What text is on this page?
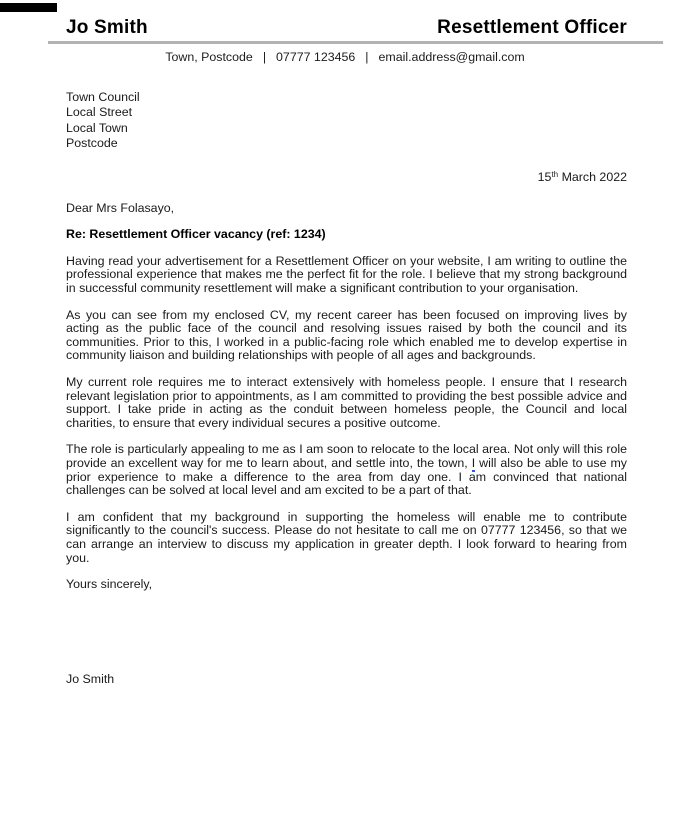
Jo Smith	Resettlement Officer
Town, Postcode | 07777 123456 | email.address@gmail.com
Town Council
Local Street
Local Town
Postcode
15th March 2022

Dear Mrs Folasayo,

Re: Resettlement Officer vacancy (ref: 1234)

Having read your advertisement for a Resettlement Officer on your website, I am writing to outline the professional experience that makes me the perfect fit for the role. I believe that my strong background in successful community resettlement will make a significant contribution to your organisation.

As you can see from my enclosed CV, my recent career has been focused on improving lives by acting as the public face of the council and resolving issues raised by both the council and its communities. Prior to this, I worked in a public-facing role which enabled me to develop expertise in community liaison and building relationships with people of all ages and backgrounds.

My current role requires me to interact extensively with homeless people. I ensure that I research relevant legislation prior to appointments, as I am committed to providing the best possible advice and support. I take pride in acting as the conduit between homeless people, the Council and local charities, to ensure that every individual secures a positive outcome.

The role is particularly appealing to me as I am soon to relocate to the local area. Not only will this role provide an excellent way for me to learn about, and settle into, the town, I will also be able to use my prior experience to make a difference to the area from day one. I am convinced that national challenges can be solved at local level and am excited to be a part of that.

I am confident that my background in supporting the homeless will enable me to contribute significantly to the council's success. Please do not hesitate to call me on 07777 123456, so that we can arrange an interview to discuss my application in greater depth. I look forward to hearing from you.

Yours sincerely,

Jo Smith
